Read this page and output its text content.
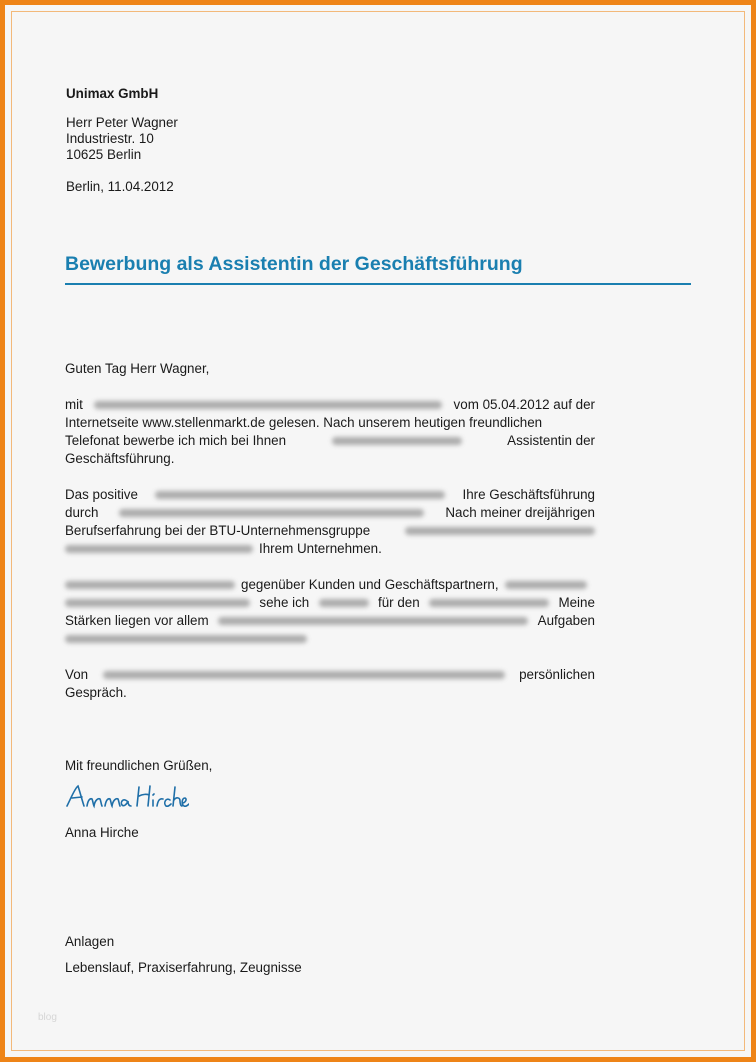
Unimax GmbH
Herr Peter Wagner
Industriestr. 10
10625 Berlin
Berlin, 11.04.2012
Bewerbung als Assistentin der Geschäftsführung
Guten Tag Herr Wagner,
mit	vom 05.04.2012 auf der
Internetseite www.stellenmarkt.de gelesen. Nach unserem heutigen freundlichen
Telefonat bewerbe ich mich bei Ihnen	Assistentin der
Geschäftsführung.
Das positive	Ihre Geschäftsführung
durch	Nach meiner dreijährigen
Berufserfahrung bei der BTU-Unternehmensgruppe
Ihrem Unternehmen.
gegenüber Kunden und Geschäftspartnern,
sehe ich	für den	Meine
Stärken liegen vor allem	Aufgaben
Von	persönlichen
Gespräch.
Mit freundlichen Grüßen,
Anna Hirche
Anlagen
Lebenslauf, Praxiserfahrung, Zeugnisse
blog
